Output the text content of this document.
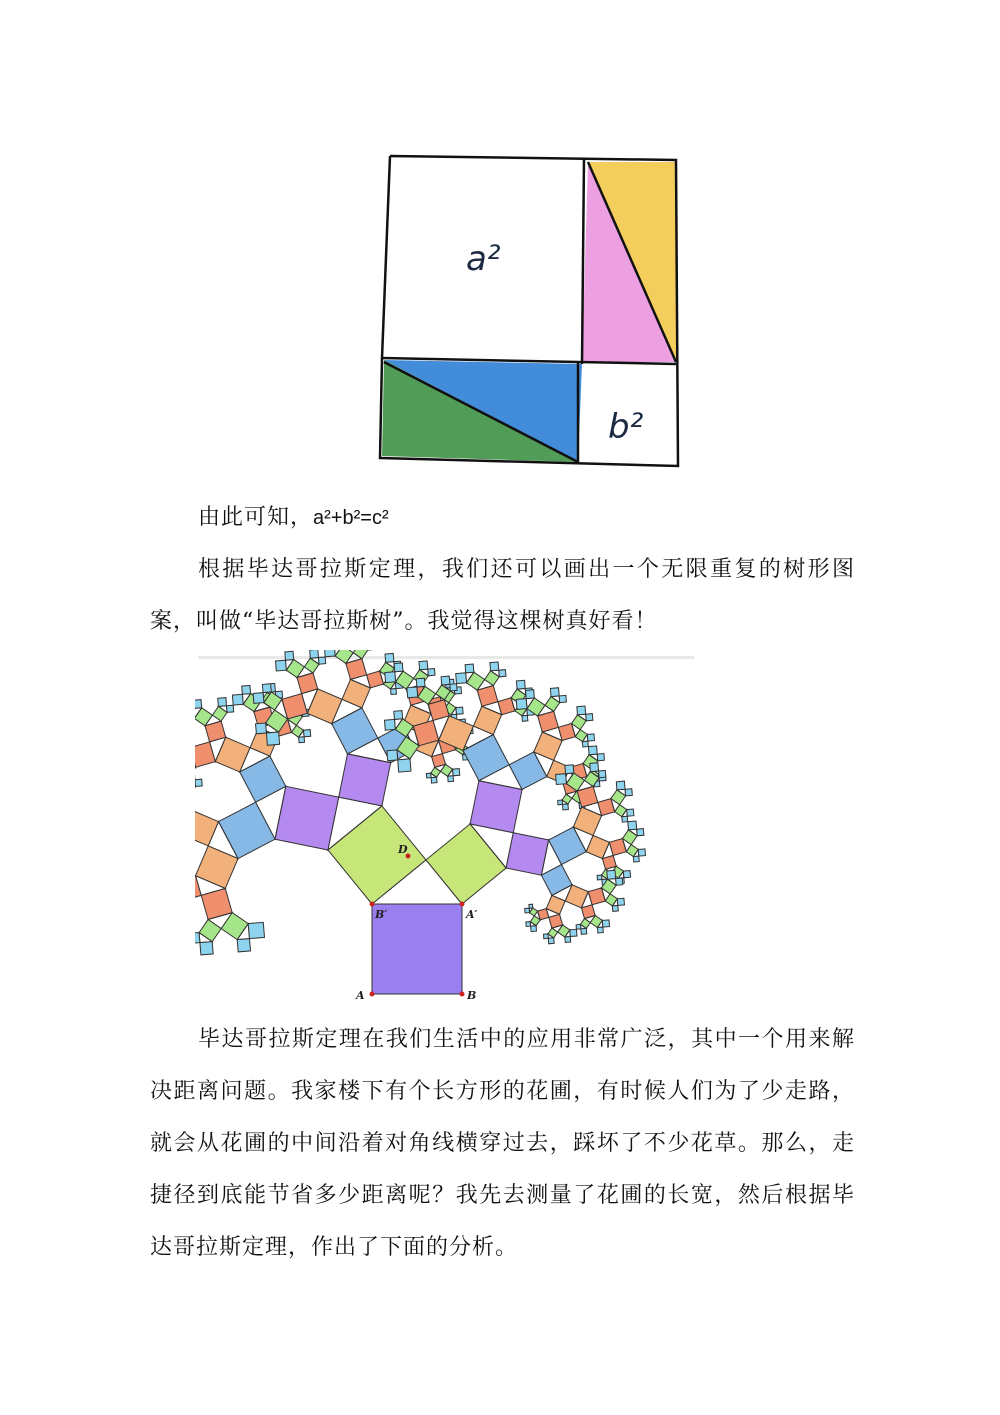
a²
b²

由此可知，a²+b²=c²

根据毕达哥拉斯定理，我们还可以画出一个无限重复的树形图案，叫做“毕达哥拉斯树”。我觉得这棵树真好看！

A	B
B′	A′
D

毕达哥拉斯定理在我们生活中的应用非常广泛，其中一个用来解决距离问题。我家楼下有个长方形的花圃，有时候人们为了少走路，就会从花圃的中间沿着对角线横穿过去，踩坏了不少花草。那么，走捷径到底能节省多少距离呢？我先去测量了花圃的长宽，然后根据毕达哥拉斯定理，作出了下面的分析。
